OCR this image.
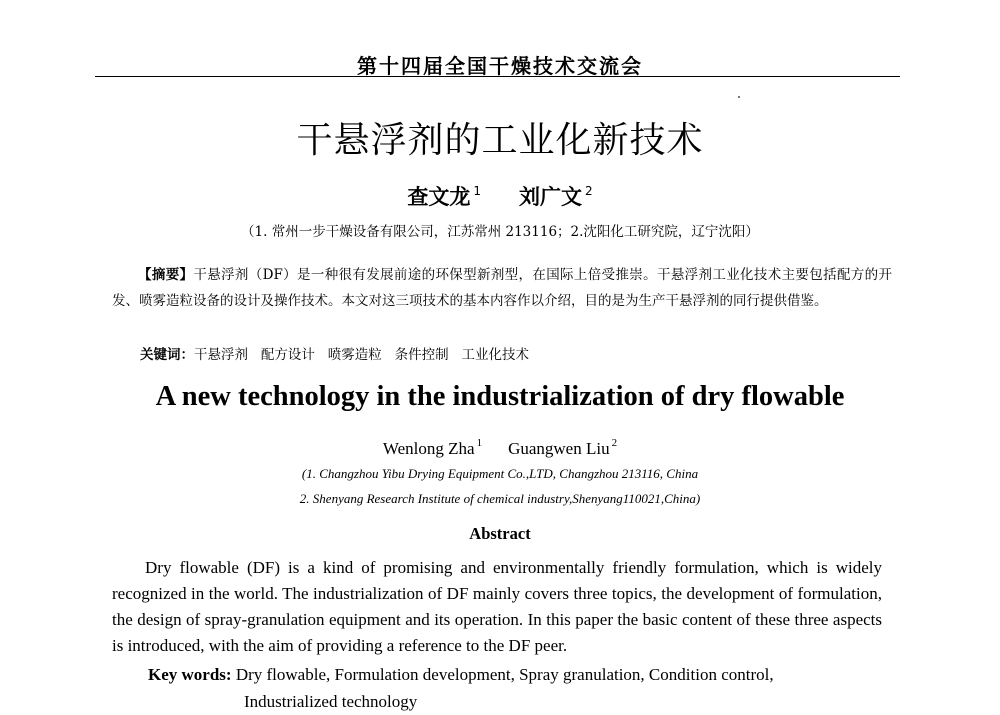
第十四届全国干燥技术交流会
干悬浮剂的工业化新技术
查文龙 $^1$ 刘广文 $^2$
（1. 常州一步干燥设备有限公司，江苏常州 213116；2.沈阳化工研究院，辽宁沈阳）
【摘要】干悬浮剂（DF）是一种很有发展前途的环保型新剂型，在国际上倍受推崇。干悬浮剂工业化技术主要包括配方的开发、喷雾造粒设备的设计及操作技术。本文对这三项技术的基本内容作以介绍，目的是为生产干悬浮剂的同行提供借鉴。
关键词：干悬浮剂   配方设计   喷雾造粒   条件控制   工业化技术
A new technology in the industrialization of dry flowable
Wenlong Zha $^1$ Guangwen Liu $^2$
(1. Changzhou Yibu Drying Equipment Co.,LTD, Changzhou 213116, China
2. Shenyang Research Institute of chemical industry,Shenyang110021,China)
Abstract
Dry flowable (DF) is a kind of promising and environmentally friendly formulation, which is widely recognized in the world. The industrialization of DF mainly covers three topics, the development of formulation, the design of spray-granulation equipment and its operation. In this paper the basic content of these three aspects is introduced, with the aim of providing a reference to the DF peer.
Key words: Dry flowable, Formulation development, Spray granulation, Condition control,
Industrialized technology
